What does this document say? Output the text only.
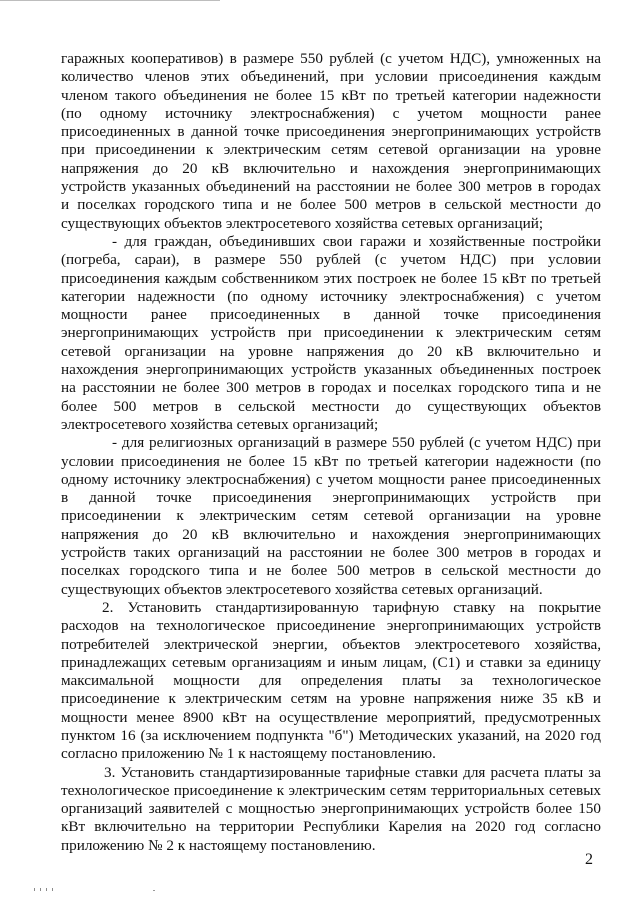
гаражных кооперативов) в размере 550 рублей (с учетом НДС), умноженных на
количество членов этих объединений, при условии присоединения каждым
членом такого объединения не более 15 кВт по третьей категории надежности
(по одному источнику электроснабжения) с учетом мощности ранее
присоединенных в данной точке присоединения энергопринимающих устройств
при присоединении к электрическим сетям сетевой организации на уровне
напряжения до 20 кВ включительно и нахождения энергопринимающих
устройств указанных объединений на расстоянии не более 300 метров в городах
и поселках городского типа и не более 500 метров в сельской местности до
существующих объектов электросетевого хозяйства сетевых организаций;
- для граждан, объединивших свои гаражи и хозяйственные постройки
(погреба, сараи), в размере 550 рублей (с учетом НДС) при условии
присоединения каждым собственником этих построек не более 15 кВт по третьей
категории надежности (по одному источнику электроснабжения) с учетом
мощности ранее присоединенных в данной точке присоединения
энергопринимающих устройств при присоединении к электрическим сетям
сетевой организации на уровне напряжения до 20 кВ включительно и
нахождения энергопринимающих устройств указанных объединенных построек
на расстоянии не более 300 метров в городах и поселках городского типа и не
более 500 метров в сельской местности до существующих объектов
электросетевого хозяйства сетевых организаций;
- для религиозных организаций в размере 550 рублей (с учетом НДС) при
условии присоединения не более 15 кВт по третьей категории надежности (по
одному источнику электроснабжения) с учетом мощности ранее присоединенных
в данной точке присоединения энергопринимающих устройств при
присоединении к электрическим сетям сетевой организации на уровне
напряжения до 20 кВ включительно и нахождения энергопринимающих
устройств таких организаций на расстоянии не более 300 метров в городах и
поселках городского типа и не более 500 метров в сельской местности до
существующих объектов электросетевого хозяйства сетевых организаций.
2. Установить стандартизированную тарифную ставку на покрытие
расходов на технологическое присоединение энергопринимающих устройств
потребителей электрической энергии, объектов электросетевого хозяйства,
принадлежащих сетевым организациям и иным лицам, (С1) и ставки за единицу
максимальной мощности для определения платы за технологическое
присоединение к электрическим сетям на уровне напряжения ниже 35 кВ и
мощности менее 8900 кВт на осуществление мероприятий, предусмотренных
пунктом 16 (за исключением подпункта "б") Методических указаний, на 2020 год
согласно приложению № 1 к настоящему постановлению.
3. Установить стандартизированные тарифные ставки для расчета платы за
технологическое присоединение к электрическим сетям территориальных сетевых
организаций заявителей с мощностью энергопринимающих устройств более 150
кВт включительно на территории Республики Карелия на 2020 год согласно
приложению № 2 к настоящему постановлению.
2
